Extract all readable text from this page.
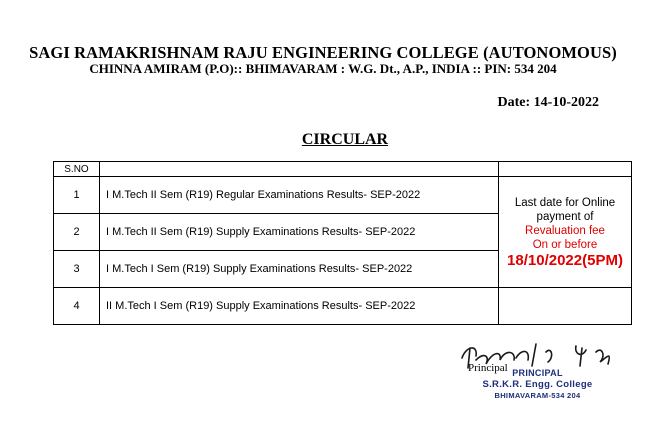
SAGI RAMAKRISHNAM RAJU ENGINEERING COLLEGE (AUTONOMOUS)
CHINNA AMIRAM (P.O):: BHIMAVARAM : W.G. Dt., A.P., INDIA :: PIN: 534 204
Date: 14-10-2022
CIRCULAR
S.NO		
1	I M.Tech II Sem (R19) Regular Examinations Results- SEP-2022	Last date for Online
payment of
Revaluation fee
On or before
18/10/2022(5PM)

2	I M.Tech II Sem (R19) Supply Examinations Results- SEP-2022	
3	I M.Tech I Sem (R19) Supply Examinations Results- SEP-2022	
4	II M.Tech I Sem (R19) Supply Examinations Results- SEP-2022	
Principal PRINCIPAL
S.R.K.R. Engg. College
BHIMAVARAM-534 204
